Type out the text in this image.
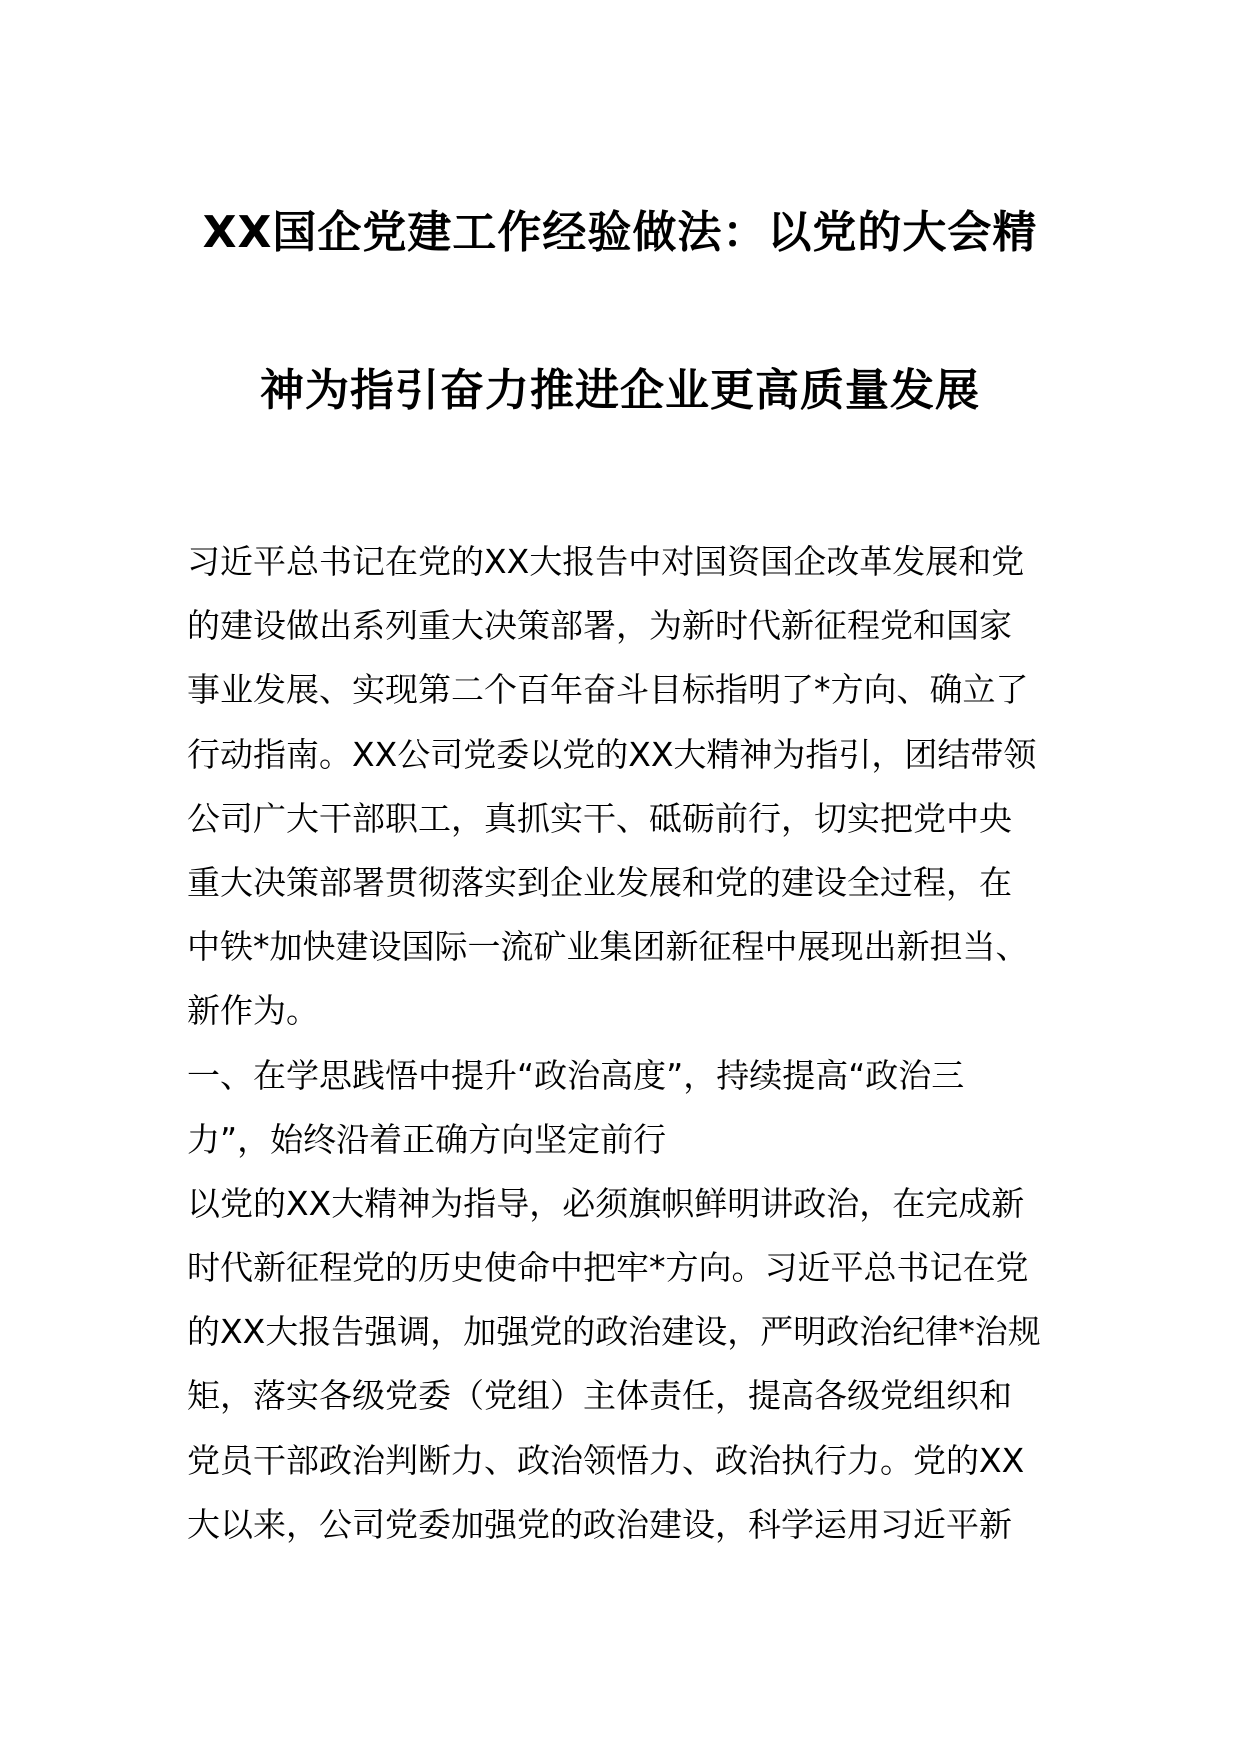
XX国企党建工作经验做法：以党的大会精
神为指引奋力推进企业更高质量发展
习近平总书记在党的XX大报告中对国资国企改革发展和党
的建设做出系列重大决策部署，为新时代新征程党和国家
事业发展、实现第二个百年奋斗目标指明了*方向、确立了
行动指南。XX公司党委以党的XX大精神为指引，团结带领
公司广大干部职工，真抓实干、砥砺前行，切实把党中央
重大决策部署贯彻落实到企业发展和党的建设全过程，在
中铁*加快建设国际一流矿业集团新征程中展现出新担当、
新作为。
一、在学思践悟中提升“政治高度”，持续提高“政治三
力”，始终沿着正确方向坚定前行
以党的XX大精神为指导，必须旗帜鲜明讲政治，在完成新
时代新征程党的历史使命中把牢*方向。习近平总书记在党
的XX大报告强调，加强党的政治建设，严明政治纪律*治规
矩，落实各级党委（党组）主体责任，提高各级党组织和
党员干部政治判断力、政治领悟力、政治执行力。党的XX
大以来，公司党委加强党的政治建设，科学运用习近平新
